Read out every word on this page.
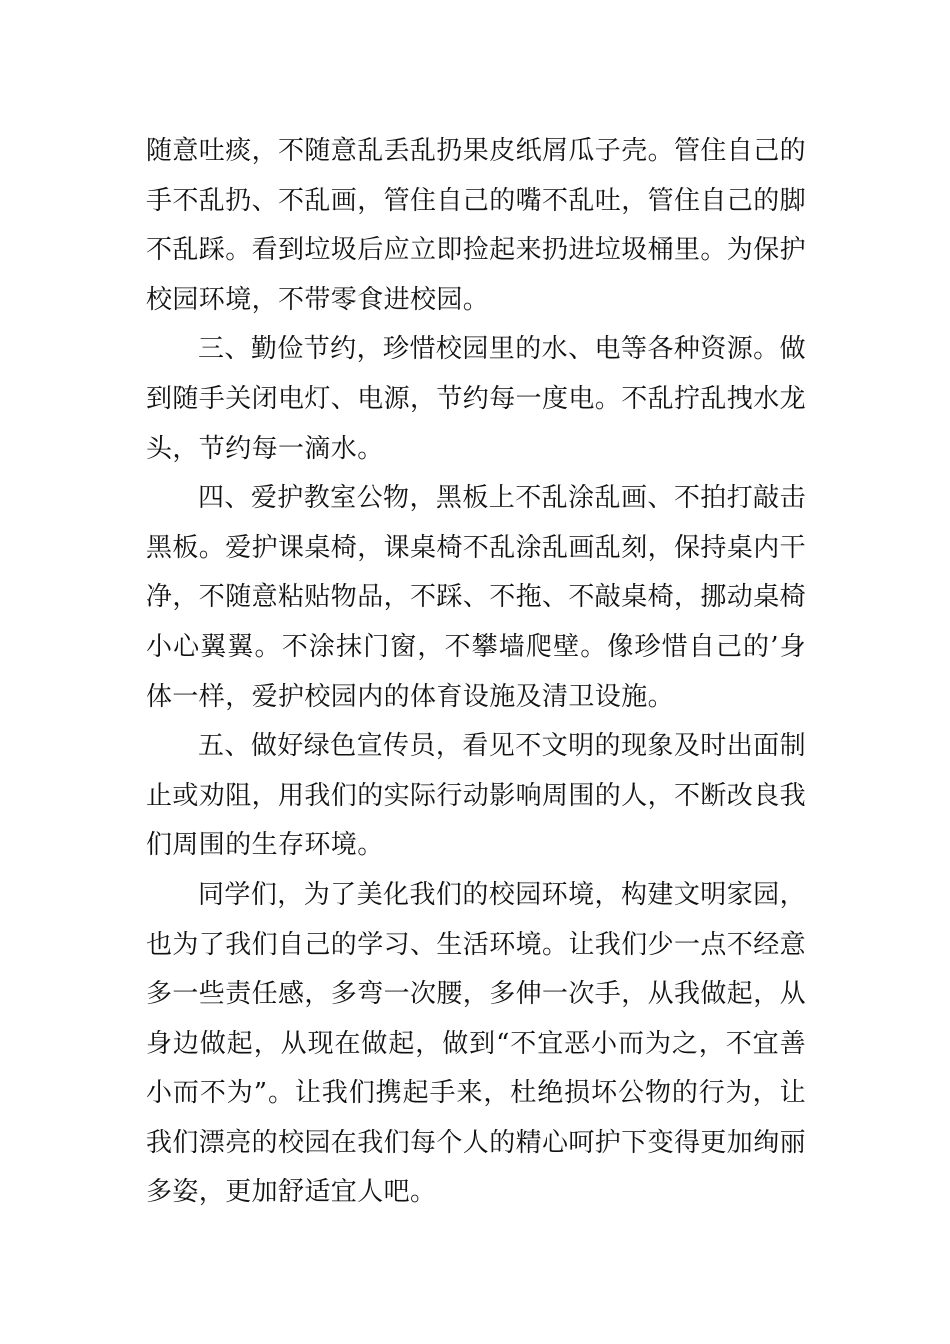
随意吐痰，不随意乱丢乱扔果皮纸屑瓜子壳。管住自己的手不乱扔、不乱画，管住自己的嘴不乱吐，管住自己的脚不乱踩。看到垃圾后应立即捡起来扔进垃圾桶里。为保护校园环境，不带零食进校园。

三、勤俭节约，珍惜校园里的水、电等各种资源。做到随手关闭电灯、电源，节约每一度电。不乱拧乱拽水龙头，节约每一滴水。

四、爱护教室公物，黑板上不乱涂乱画、不拍打敲击黑板。爱护课桌椅，课桌椅不乱涂乱画乱刻，保持桌内干净，不随意粘贴物品，不踩、不拖、不敲桌椅，挪动桌椅小心翼翼。不涂抹门窗，不攀墙爬壁。像珍惜自己的’身体一样，爱护校园内的体育设施及清卫设施。

五、做好绿色宣传员，看见不文明的现象及时出面制止或劝阻，用我们的实际行动影响周围的人，不断改良我们周围的生存环境。

同学们，为了美化我们的校园环境，构建文明家园，也为了我们自己的学习、生活环境。让我们少一点不经意多一些责任感，多弯一次腰，多伸一次手，从我做起，从身边做起，从现在做起，做到“不宜恶小而为之，不宜善小而不为”。让我们携起手来，杜绝损坏公物的行为，让我们漂亮的校园在我们每个人的精心呵护下变得更加绚丽多姿，更加舒适宜人吧。
